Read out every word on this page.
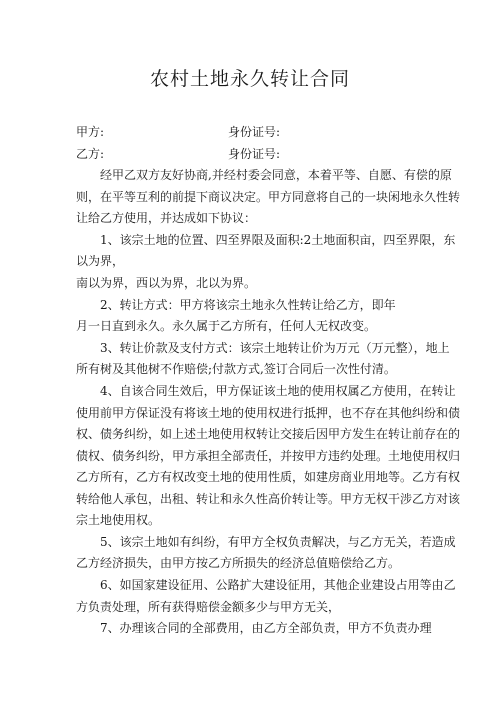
农村土地永久转让合同
甲方:	身份证号:
乙方:	身份证号:
经甲乙双方友好协商,并经村委会同意，本着平等、自愿、有偿的原
则，在平等互利的前提下商议决定。甲方同意将自己的一块闲地永久性转
让给乙方使用，并达成如下协议：
1、该宗土地的位置、四至界限及面积:2土地面积亩，四至界限，东
以为界，
南以为界，西以为界，北以为界。
2、转让方式：甲方将该宗土地永久性转让给乙方，即年
月一日直到永久。永久属于乙方所有，任何人无权改变。
3、转让价款及支付方式：该宗土地转让价为万元（万元整），地上
所有树及其他树不作赔偿;付款方式,签订合同后一次性付清。
4、自该合同生效后，甲方保证该土地的使用权属乙方使用，在转让
使用前甲方保证没有将该土地的使用权进行抵押，也不存在其他纠纷和债
权、债务纠纷，如上述土地使用权转让交接后因甲方发生在转让前存在的
债权、债务纠纷，甲方承担全部责任，并按甲方违约处理。土地使用权归
乙方所有，乙方有权改变土地的使用性质，如建房商业用地等。乙方有权
转给他人承包，出租、转让和永久性高价转让等。甲方无权干涉乙方对该
宗土地使用权。
5、该宗土地如有纠纷，有甲方全权负责解决，与乙方无关，若造成
乙方经济损失，由甲方按乙方所损失的经济总值赔偿给乙方。
6、如国家建设征用、公路扩大建设征用，其他企业建设占用等由乙
方负责处理，所有获得赔偿金额多少与甲方无关，
7、办理该合同的全部费用，由乙方全部负责，甲方不负责办理
